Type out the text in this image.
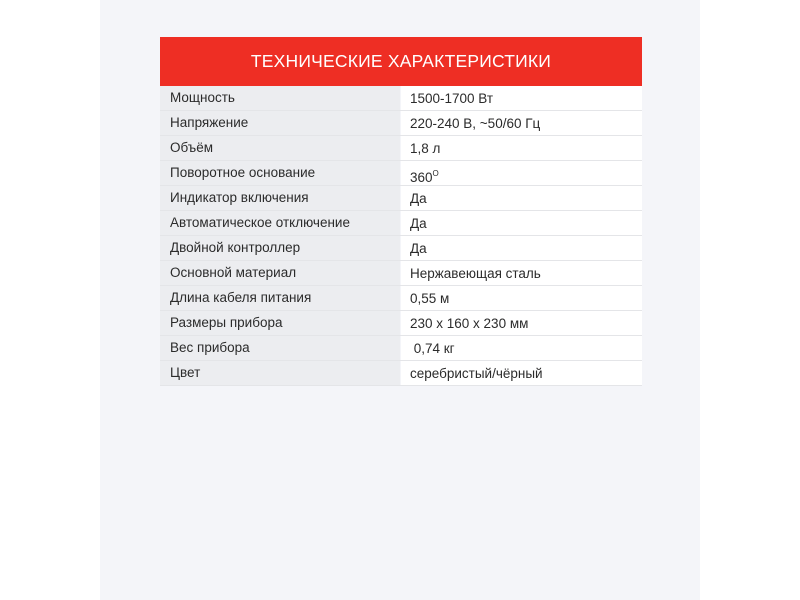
ТЕХНИЧЕСКИЕ ХАРАКТЕРИСТИКИ
Мощность	1500-1700 Вт
Напряжение	220-240 В, ~50/60 Гц
Объём	1,8 л
Поворотное основание	$360^О$
Индикатор включения	Да
Автоматическое отключение	Да
Двойной контроллер	Да
Основной материал	Нержавеющая сталь
Длина кабеля питания	0,55 м
Размеры прибора	230 х 160 х 230 мм
Вес прибора	0,74 кг
Цвет	серебристый/чёрный
